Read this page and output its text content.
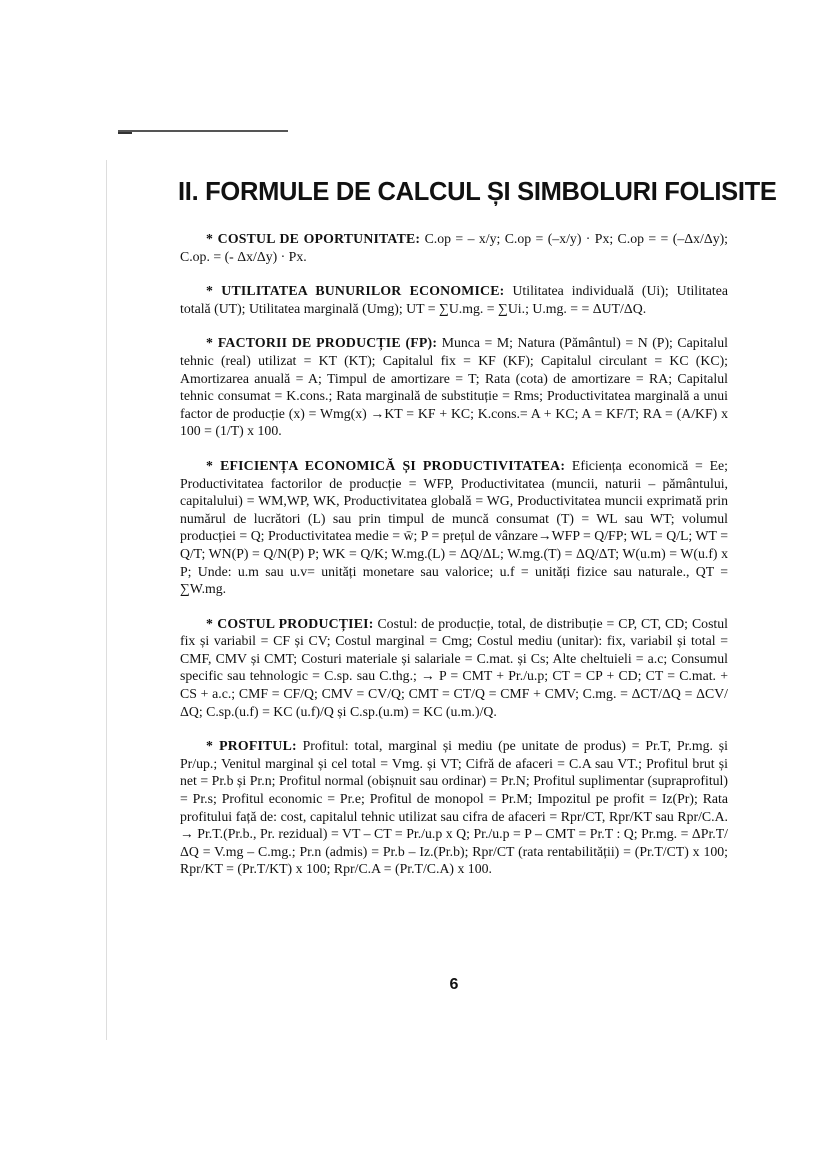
II. FORMULE DE CALCUL ȘI SIMBOLURI FOLISITE

* COSTUL DE OPORTUNITATE: C.op = – x/y; C.op = (–x/y) · Px; C.op = = (–Δx/Δy); C.op. = (- Δx/Δy) · Px.

* UTILITATEA BUNURILOR ECONOMICE: Utilitatea individuală (Ui); Utilitatea totală (UT); Utilitatea marginală (Umg); UT = ∑U.mg. = ∑Ui.; U.mg. = = ΔUT/ΔQ.

* FACTORII DE PRODUCȚIE (FP): Munca = M; Natura (Pământul) = N (P); Capitalul tehnic (real) utilizat = KT (KT); Capitalul fix = KF (KF); Capitalul circulant = KC (KC); Amortizarea anuală = A; Timpul de amortizare = T; Rata (cota) de amortizare = RA; Capitalul tehnic consumat = K.cons.; Rata marginală de substituție = Rms; Productivitatea marginală a unui factor de producție (x) = Wmg(x) →KT = KF + KC; K.cons.= A + KC; A = KF/T; RA = (A/KF) x 100 = (1/T) x 100.

* EFICIENȚA ECONOMICĂ ȘI PRODUCTIVITATEA: Eficiența economică = Ee; Productivitatea factorilor de producție = WFP, Productivitatea (muncii, naturii – pământului, capitalului) = WM,WP, WK, Productivitatea globală = WG, Productivitatea muncii exprimată prin numărul de lucrători (L) sau prin timpul de muncă consumat (T) = WL sau WT; volumul producției = Q; Productivitatea medie = w̄; P = prețul de vânzare→WFP = Q/FP; WL = Q/L; WT = Q/T; WN(P) = Q/N(P) P; WK = Q/K; W.mg.(L) = ΔQ/ΔL; W.mg.(T) = ΔQ/ΔT; W(u.m) = W(u.f) x P; Unde: u.m sau u.v= unități monetare sau valorice; u.f = unități fizice sau naturale., QT = ∑W.mg.

* COSTUL PRODUCȚIEI: Costul: de producție, total, de distribuție = CP, CT, CD; Costul fix și variabil = CF și CV; Costul marginal = Cmg; Costul mediu (unitar): fix, variabil și total = CMF, CMV și CMT; Costuri materiale și salariale = C.mat. și Cs; Alte cheltuieli = a.c; Consumul specific sau tehnologic = C.sp. sau C.thg.; → P = CMT + Pr./u.p; CT = CP + CD; CT = C.mat. + CS + a.c.; CMF = CF/Q; CMV = CV/Q; CMT = CT/Q = CMF + CMV; C.mg. = ΔCT/ΔQ = ΔCV/ΔQ; C.sp.(u.f) = KC (u.f)/Q și C.sp.(u.m) = KC (u.m.)/Q.

* PROFITUL: Profitul: total, marginal și mediu (pe unitate de produs) = Pr.T, Pr.mg. și Pr/up.; Venitul marginal și cel total = Vmg. și VT; Cifră de afaceri = C.A sau VT.; Profitul brut și net = Pr.b și Pr.n; Profitul normal (obișnuit sau ordinar) = Pr.N; Profitul suplimentar (supraprofitul) = Pr.s; Profitul economic = Pr.e; Profitul de monopol = Pr.M; Impozitul pe profit = Iz(Pr); Rata profitului față de: cost, capitalul tehnic utilizat sau cifra de afaceri = Rpr/CT, Rpr/KT sau Rpr/C.A. → Pr.T.(Pr.b., Pr. rezidual) = VT – CT = Pr./u.p x Q; Pr./u.p = P – CMT = Pr.T : Q; Pr.mg. = ΔPr.T/ΔQ = V.mg – C.mg.; Pr.n (admis) = Pr.b – Iz.(Pr.b); Rpr/CT (rata rentabilității) = (Pr.T/CT) x 100; Rpr/KT = (Pr.T/KT) x 100; Rpr/C.A = (Pr.T/C.A) x 100.

6
